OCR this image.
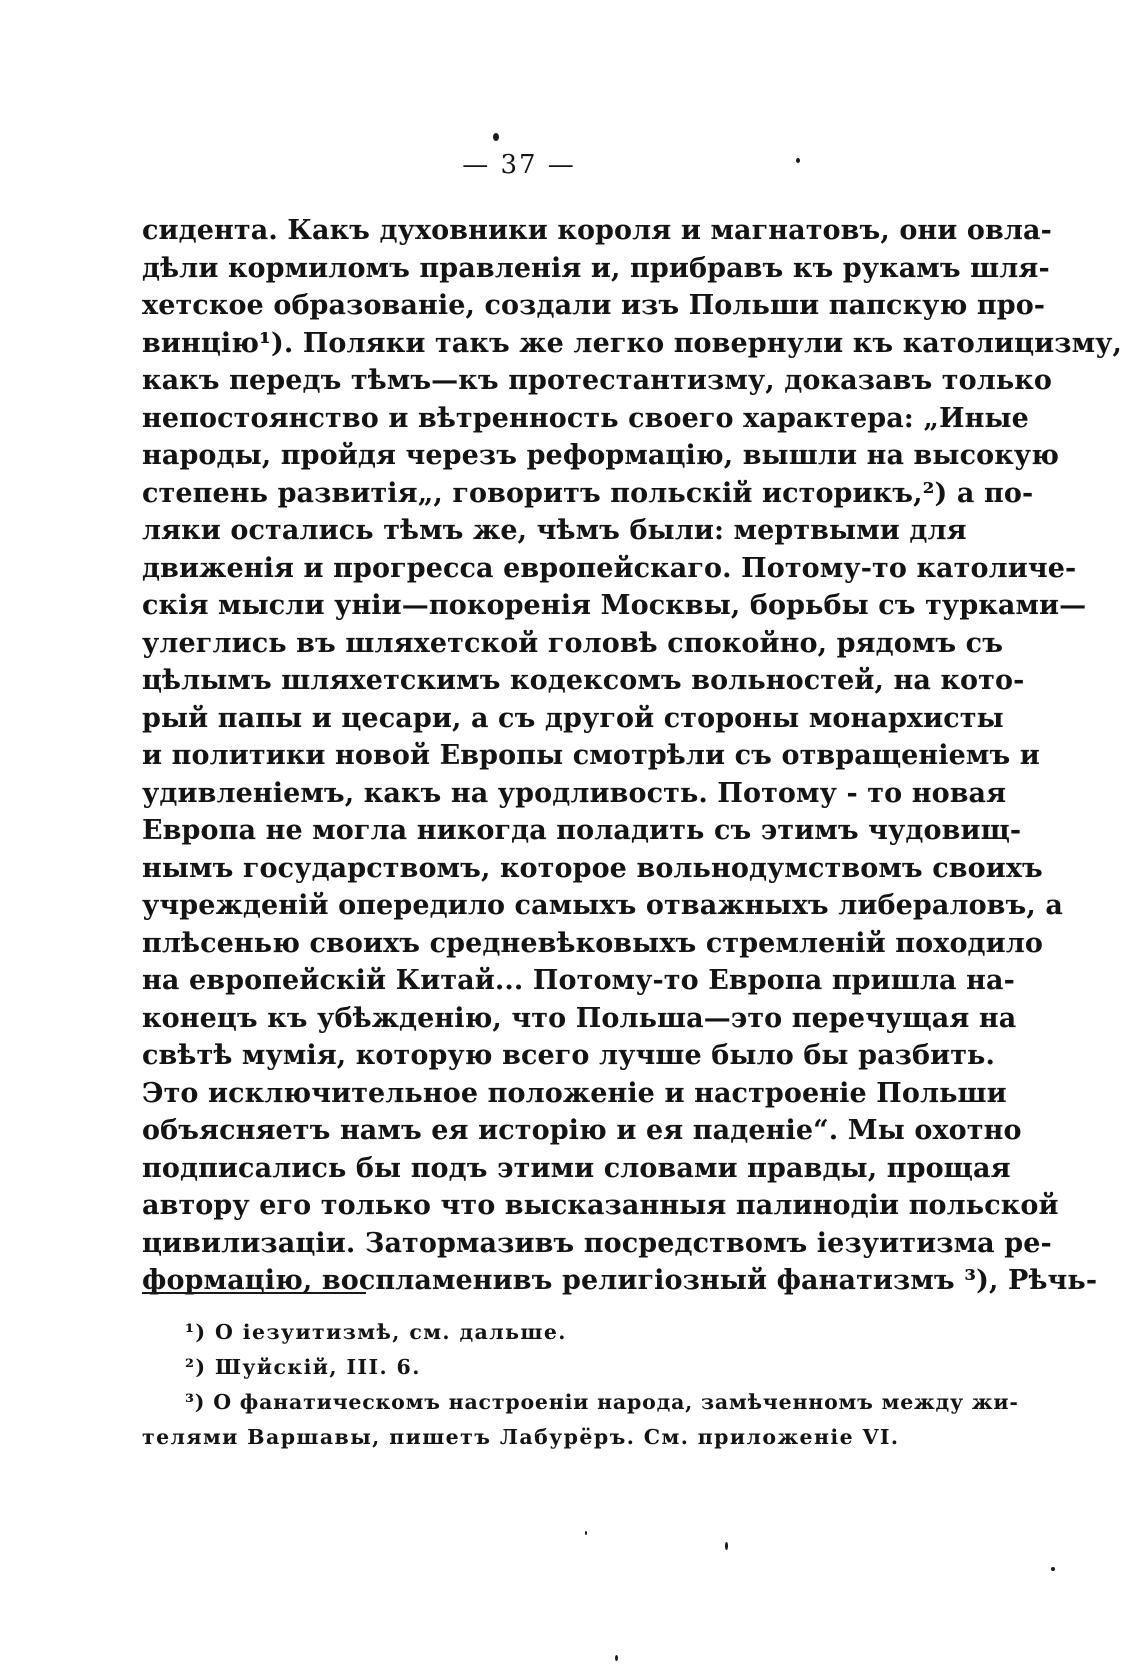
— 37 —
сидента. Какъ духовники короля и магнатовъ, они овла-
дѣли кормиломъ правленія и, прибравъ къ рукамъ шля-
хетское образованіе, создали изъ Польши папскую про-
винцію¹). Поляки такъ же легко повернули къ католицизму,
какъ передъ тѣмъ—къ протестантизму, доказавъ только
непостоянство и вѣтренность своего характера: „Иные
народы, пройдя черезъ реформацію, вышли на высокую
степень развитія„, говоритъ польскій историкъ,²) а по-
ляки остались тѣмъ же, чѣмъ были: мертвыми для
движенія и прогресса европейскаго. Потому-то католиче-
скія мысли уніи—покоренія Москвы, борьбы съ турками—
улеглись въ шляхетской головѣ спокойно, рядомъ съ
цѣлымъ шляхетскимъ кодексомъ вольностей, на кото-
рый папы и цесари, а съ другой стороны монархисты
и политики новой Европы смотрѣли съ отвращеніемъ и
удивленіемъ, какъ на уродливость. Потому - то новая
Европа не могла никогда поладить съ этимъ чудовищ-
нымъ государствомъ, которое вольнодумствомъ своихъ
учрежденій опередило самыхъ отважныхъ либераловъ, а
плѣсенью своихъ средневѣковыхъ стремленій походило
на европейскій Китай... Потому-то Европа пришла на-
конецъ къ убѣжденію, что Польша—это перечущая на
свѣтѣ мумія, которую всего лучше было бы разбить.
Это исключительное положеніе и настроеніе Польши
объясняетъ намъ ея исторію и ея паденіе“. Мы охотно
подписались бы подъ этими словами правды, прощая
автору его только что высказанныя палинодіи польской
цивилизаціи. Затормазивъ посредствомъ іезуитизма ре-
формацію, воспламенивъ религіозный фанатизмъ ³), Рѣчь-
¹) О іезуитизмѣ, см. дальше.
²) Шуйскій, III. 6.
³) О фанатическомъ настроеніи народа, замѣченномъ между жи-
телями Варшавы, пишетъ Лабурёръ. См. приложеніе VI.
